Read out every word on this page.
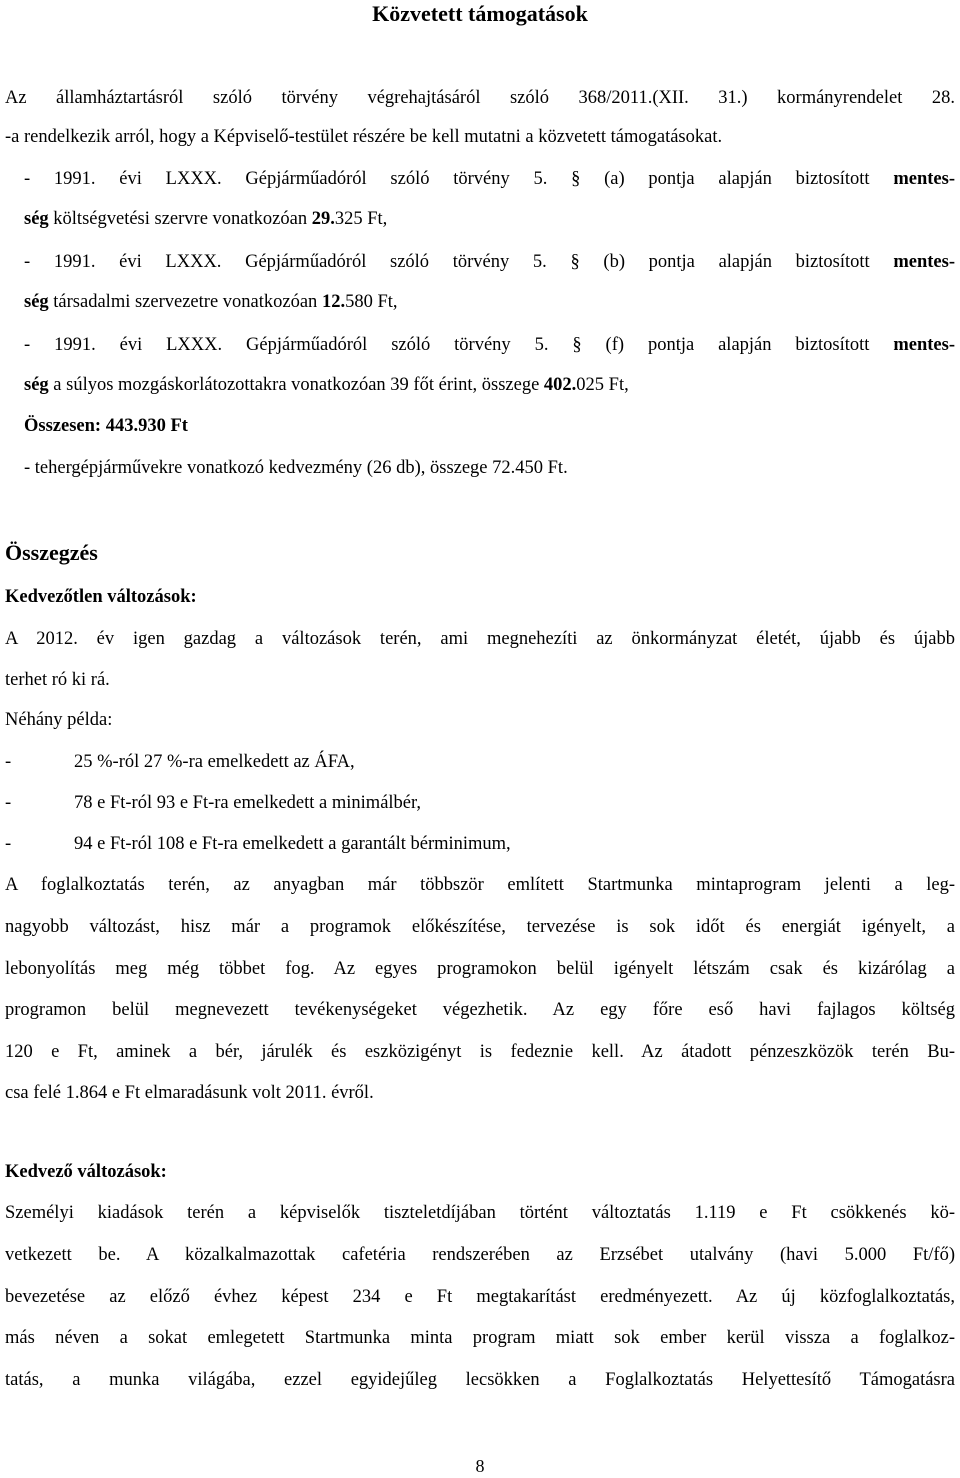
Közvetett támogatások
Az államháztartásról szóló törvény végrehajtásáról szóló 368/2011.(XII. 31.) kormányrendelet 28.
-a rendelkezik arról, hogy a Képviselő-testület részére be kell mutatni a közvetett támogatásokat.
- 1991. évi LXXX. Gépjárműadóról szóló törvény 5. § (a) pontja alapján biztosított mentes-
ség költségvetési szervre vonatkozóan 29.325 Ft,
- 1991. évi LXXX. Gépjárműadóról szóló törvény 5. § (b) pontja alapján biztosított mentes-
ség társadalmi szervezetre vonatkozóan 12.580 Ft,
- 1991. évi LXXX. Gépjárműadóról szóló törvény 5. § (f) pontja alapján biztosított mentes-
ség a súlyos mozgáskorlátozottakra vonatkozóan 39 főt érint, összege 402.025 Ft,
Összesen: 443.930 Ft
- tehergépjárművekre vonatkozó kedvezmény (26 db), összege 72.450 Ft.
Összegzés
Kedvezőtlen változások:
A 2012. év igen gazdag a változások terén, ami megnehezíti az önkormányzat életét, újabb és újabb
terhet ró ki rá.
Néhány példa:
-	25 %-ról 27 %-ra emelkedett az ÁFA,
-	78 e Ft-ról 93 e Ft-ra emelkedett a minimálbér,
-	94 e Ft-ról 108 e Ft-ra emelkedett a garantált bérminimum,
A foglalkoztatás terén, az anyagban már többször említett Startmunka mintaprogram jelenti a leg-
nagyobb változást, hisz már a programok előkészítése, tervezése is sok időt és energiát igényelt, a
lebonyolítás meg még többet fog. Az egyes programokon belül igényelt létszám csak és kizárólag a
programon belül megnevezett tevékenységeket végezhetik. Az egy főre eső havi fajlagos költség
120 e Ft, aminek a bér, járulék és eszközigényt is fedeznie kell. Az átadott pénzeszközök terén Bu-
csa felé 1.864 e Ft elmaradásunk volt 2011. évről.
Kedvező változások:
Személyi kiadások terén a képviselők tiszteletdíjában történt változtatás 1.119 e Ft csökkenés kö-
vetkezett be. A közalkalmazottak cafetéria rendszerében az Erzsébet utalvány (havi 5.000 Ft/fő)
bevezetése az előző évhez képest 234 e Ft megtakarítást eredményezett. Az új közfoglalkoztatás,
más néven a sokat emlegetett Startmunka minta program miatt sok ember kerül vissza a foglalkoz-
tatás, a munka világába, ezzel egyidejűleg lecsökken a Foglalkoztatás Helyettesítő Támogatásra
8
